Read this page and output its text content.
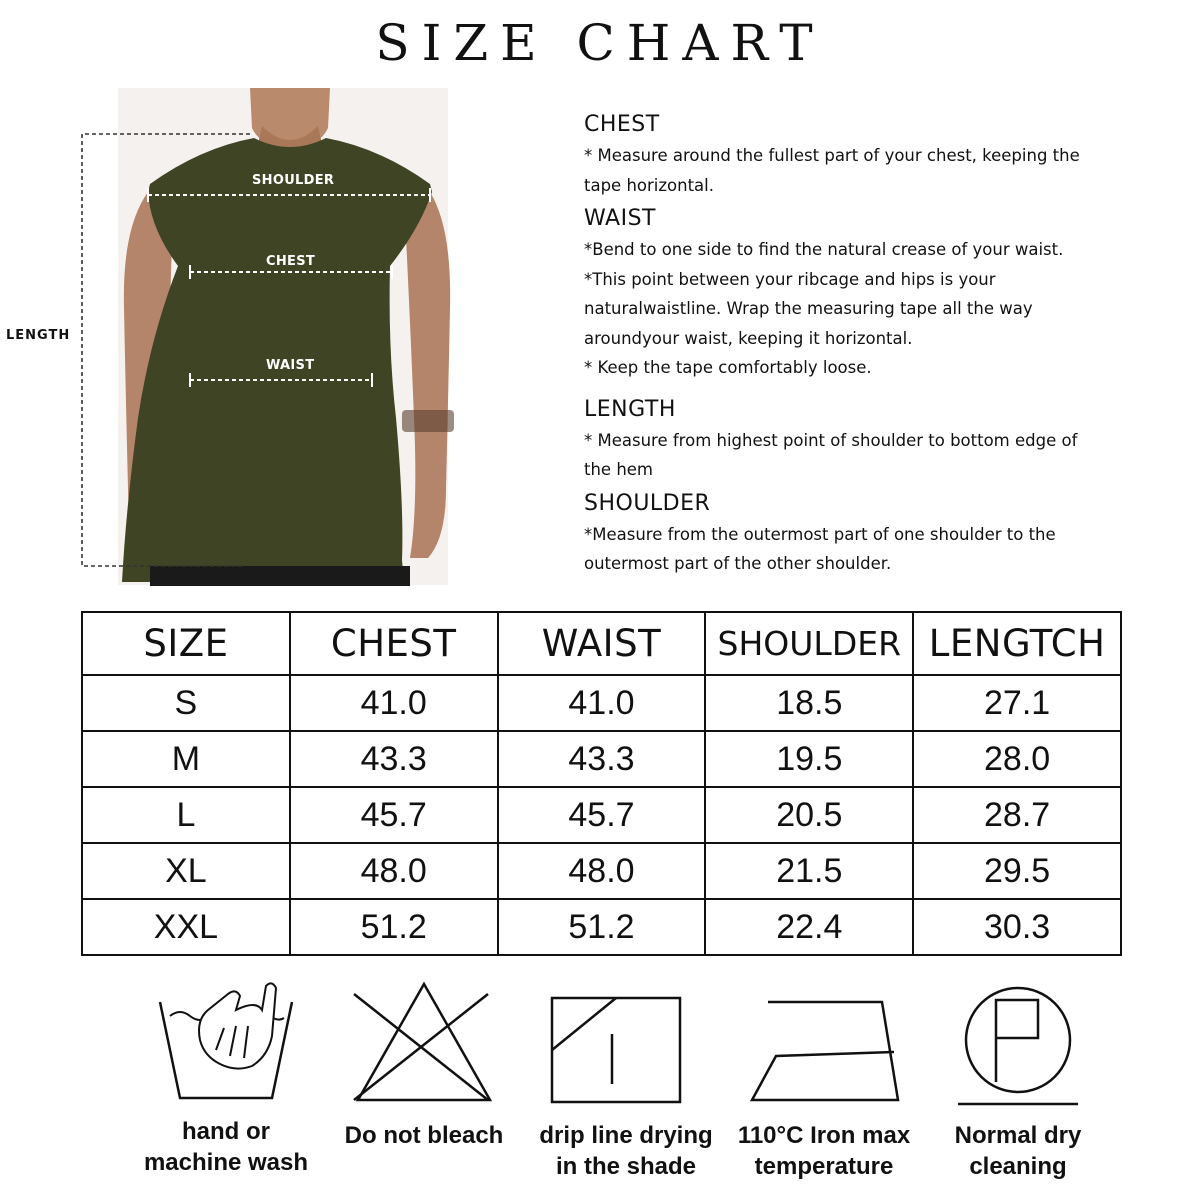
SIZE CHART
SHOULDER
CHEST
WAIST
LENGTH
CHEST
* Measure around the fullest part of your chest, keeping the
tape horizontal.
WAIST
*Bend to one side to find the natural crease of your waist.
*This point between your ribcage and hips is your
naturalwaistline. Wrap the measuring tape all the way
aroundyour waist, keeping it horizontal.
* Keep the tape comfortably loose.
LENGTH
* Measure from highest point of shoulder to bottom edge of
the hem
SHOULDER
*Measure from the outermost part of one shoulder to the
outermost part of the other shoulder.
SIZE	CHEST	WAIST	SHOULDER	LENGTCH
S	41.0	41.0	18.5	27.1
M	43.3	43.3	19.5	28.0
L	45.7	45.7	20.5	28.7
XL	48.0	48.0	21.5	29.5
XXL	51.2	51.2	22.4	30.3
hand or
machine wash
Do not bleach	drip line drying
in the shade
110°C Iron max
temperature
Normal dry
cleaning
